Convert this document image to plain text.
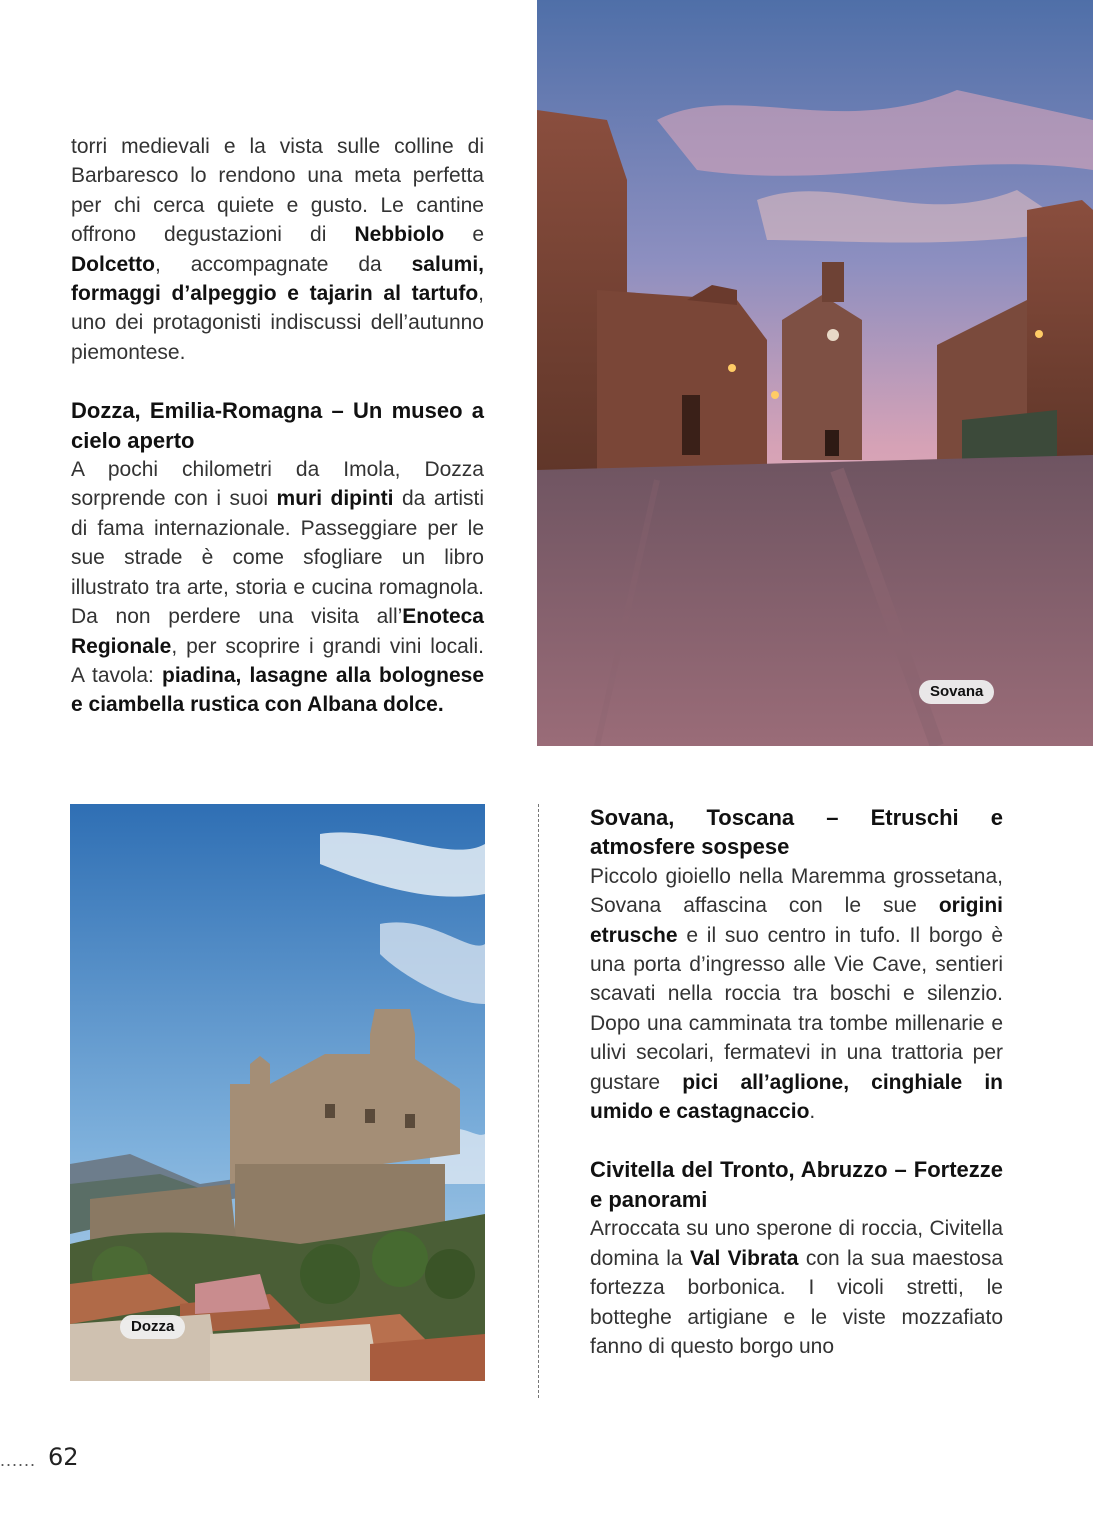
torri medievali e la vista sulle colline di Barbaresco lo rendono una meta perfetta per chi cerca quiete e gusto. Le cantine offrono degustazioni di Nebbiolo e Dolcetto, accompagnate da salumi, formaggi d’alpeggio e tajarin al tartufo, uno dei protagonisti indiscussi dell’autunno piemontese.

Dozza, Emilia-Romagna – Un museo a cielo aperto

A pochi chilometri da Imola, Dozza sorprende con i suoi muri dipinti da artisti di fama internazionale. Passeggiare per le sue strade è come sfogliare un libro illustrato tra arte, storia e cucina romagnola. Da non perdere una visita all’Enoteca Regionale, per scoprire i grandi vini locali. A tavola: piadina, lasagne alla bolognese e ciambella rustica con Albana dolce.

Sovana
Dozza
Sovana, Toscana – Etruschi e atmosfere sospese

Piccolo gioiello nella Maremma grossetana, Sovana affascina con le sue origini etrusche e il suo centro in tufo. Il borgo è una porta d’ingresso alle Vie Cave, sentieri scavati nella roccia tra boschi e silenzio. Dopo una camminata tra tombe millenarie e ulivi secolari, fermatevi in una trattoria per gustare pici all’aglione, cinghiale in umido e castagnaccio.

Civitella del Tronto, Abruzzo – Fortezze e panorami

Arroccata su uno sperone di roccia, Civitella domina la Val Vibrata con la sua maestosa fortezza borbonica. I vicoli stretti, le botteghe artigiane e le viste mozzafiato fanno di questo borgo uno

...... 62
